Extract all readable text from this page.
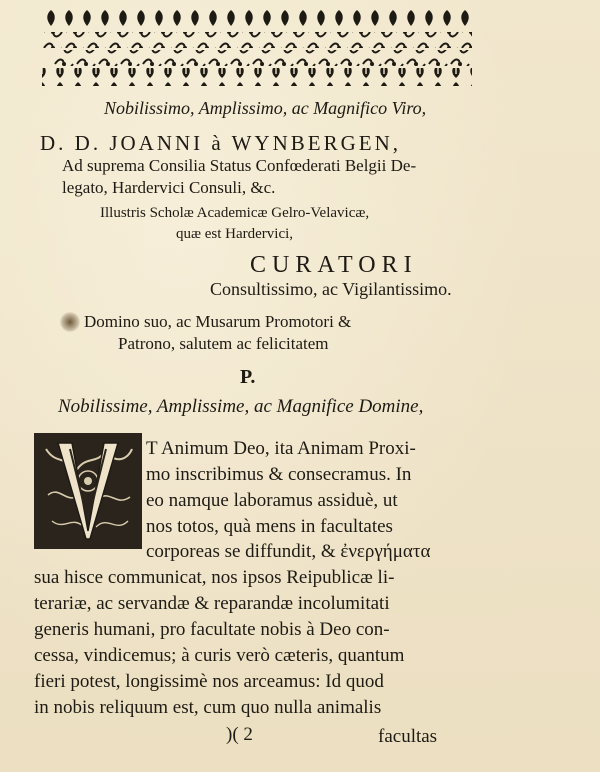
Nobilissimo, Amplissimo, ac Magnifico Viro,
D. D. JOANNI à WYNBERGEN,
Ad suprema Consilia Status Confœderati Belgii De-
legato, Hardervici Consuli, &c.
Illustris Scholæ Academicæ Gelro-Velavicæ,
quæ est Hardervici,
CURATORI
Consultissimo, ac Vigilantissimo.
Domino suo, ac Musarum Promotori &
Patrono, salutem ac felicitatem
P.
Nobilissime, Amplissime, ac Magnifice Domine,
T Animum Deo, ita Animam Proxi-
mo inscribimus & consecramus. In
eo namque laboramus assiduè, ut
nos totos, quà mens in facultates
corporeas se diffundit, & ἐνεργήματα
sua hisce communicat, nos ipsos Reipublicæ li-
terariæ, ac servandæ & reparandæ incolumitati
generis humani, pro facultate nobis à Deo con-
cessa, vindicemus; à curis verò cæteris, quantum
fieri potest, longissimè nos arceamus: Id quod
in nobis reliquum est, cum quo nulla animalis
)( 2	facultas
